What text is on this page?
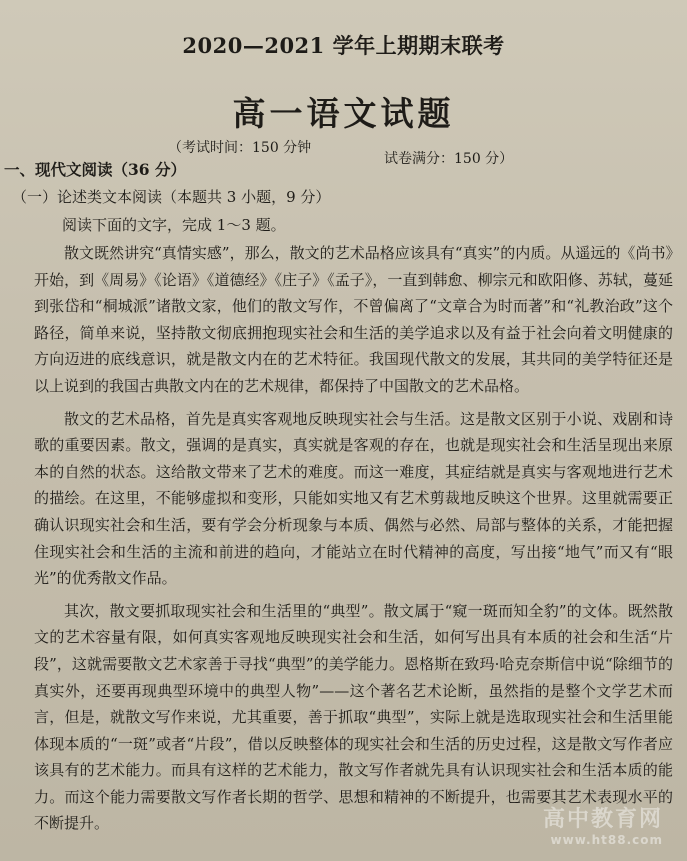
2020—2021 学年上期期末联考
高一语文试题
（考试时间：150 分钟
试卷满分：150 分）
一、现代文阅读（36 分）
（一）论述类文本阅读（本题共 3 小题，9 分）
阅读下面的文字，完成 1～3 题。

散文既然讲究“真情实感”，那么，散文的艺术品格应该具有“真实”的内质。从遥远的《尚书》开始，到《周易》《论语》《道德经》《庄子》《孟子》，一直到韩愈、柳宗元和欧阳修、苏轼，蔓延到张岱和“桐城派”诸散文家，他们的散文写作，不曾偏离了“文章合为时而著”和“礼教治政”这个路径，简单来说，坚持散文彻底拥抱现实社会和生活的美学追求以及有益于社会向着文明健康的方向迈进的底线意识，就是散文内在的艺术特征。我国现代散文的发展，其共同的美学特征还是以上说到的我国古典散文内在的艺术规律，都保持了中国散文的艺术品格。

散文的艺术品格，首先是真实客观地反映现实社会与生活。这是散文区别于小说、戏剧和诗歌的重要因素。散文，强调的是真实，真实就是客观的存在，也就是现实社会和生活呈现出来原本的自然的状态。这给散文带来了艺术的难度。而这一难度，其症结就是真实与客观地进行艺术的描绘。在这里，不能够虚拟和变形，只能如实地又有艺术剪裁地反映这个世界。这里就需要正确认识现实社会和生活，要有学会分析现象与本质、偶然与必然、局部与整体的关系，才能把握住现实社会和生活的主流和前进的趋向，才能站立在时代精神的高度，写出接“地气”而又有“眼光”的优秀散文作品。

其次，散文要抓取现实社会和生活里的“典型”。散文属于“窥一斑而知全豹”的文体。既然散文的艺术容量有限，如何真实客观地反映现实社会和生活，如何写出具有本质的社会和生活“片段”，这就需要散文艺术家善于寻找“典型”的美学能力。恩格斯在致玛·哈克奈斯信中说“除细节的真实外，还要再现典型环境中的典型人物”——这个著名艺术论断，虽然指的是整个文学艺术而言，但是，就散文写作来说，尤其重要，善于抓取“典型”，实际上就是选取现实社会和生活里能体现本质的“一斑”或者“片段”，借以反映整体的现实社会和生活的历史过程，这是散文写作者应该具有的艺术能力。而具有这样的艺术能力，散文写作者就先具有认识现实社会和生活本质的能力。而这个能力需要散文写作者长期的哲学、思想和精神的不断提升，也需要其艺术表现水平的不断提升。	高中教育网
www.ht88.com
